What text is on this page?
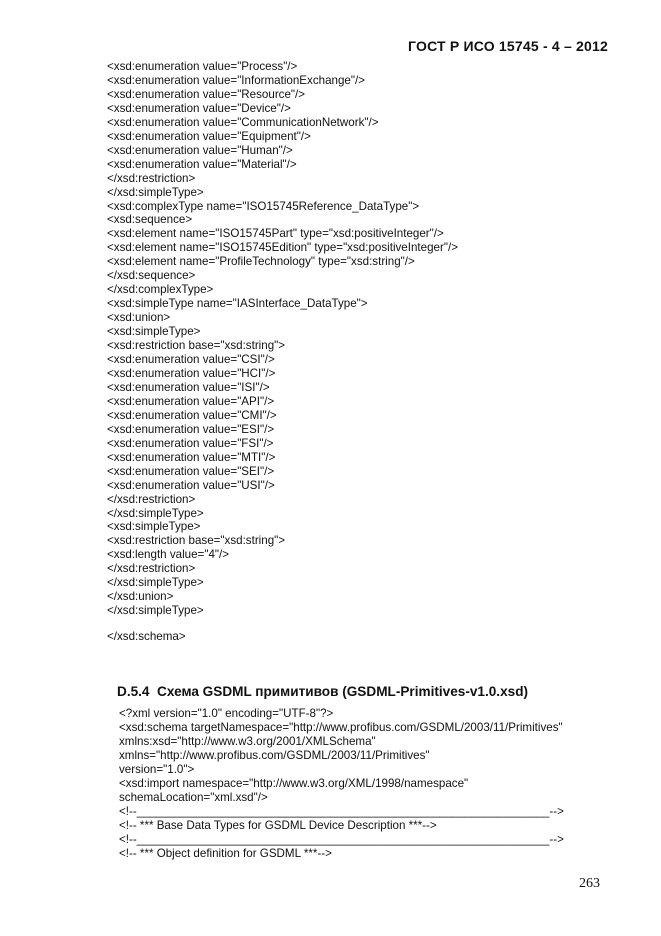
ГОСТ Р ИСО 15745 - 4 – 2012
<xsd:enumeration value="Process"/>
<xsd:enumeration value="InformationExchange"/>
<xsd:enumeration value="Resource"/>
<xsd:enumeration value="Device"/>
<xsd:enumeration value="CommunicationNetwork"/>
<xsd:enumeration value="Equipment"/>
<xsd:enumeration value="Human"/>
<xsd:enumeration value="Material"/>
</xsd:restriction>
</xsd:simpleType>
<xsd:complexType name="ISO15745Reference_DataType">
<xsd:sequence>
<xsd:element name="ISO15745Part" type="xsd:positiveInteger"/>
<xsd:element name="ISO15745Edition" type="xsd:positiveInteger"/>
<xsd:element name="ProfileTechnology" type="xsd:string"/>
</xsd:sequence>
</xsd:complexType>
<xsd:simpleType name="IASInterface_DataType">
<xsd:union>
<xsd:simpleType>
<xsd:restriction base="xsd:string">
<xsd:enumeration value="CSI"/>
<xsd:enumeration value="HCI"/>
<xsd:enumeration value="ISI"/>
<xsd:enumeration value="API"/>
<xsd:enumeration value="CMI"/>
<xsd:enumeration value="ESI"/>
<xsd:enumeration value="FSI"/>
<xsd:enumeration value="MTI"/>
<xsd:enumeration value="SEI"/>
<xsd:enumeration value="USI"/>
</xsd:restriction>
</xsd:simpleType>
<xsd:simpleType>
<xsd:restriction base="xsd:string">
<xsd:length value="4"/>
</xsd:restriction>
</xsd:simpleType>
</xsd:union>
</xsd:simpleType>
</xsd:schema>
D.5.4  Схема GSDML примитивов (GSDML-Primitives-v1.0.xsd)
<?xml version="1.0" encoding="UTF-8"?>
<xsd:schema targetNamespace="http://www.profibus.com/GSDML/2003/11/Primitives"
xmlns:xsd="http://www.w3.org/2001/XMLSchema"
xmlns="http://www.profibus.com/GSDML/2003/11/Primitives"
version="1.0">
<xsd:import namespace="http://www.w3.org/XML/1998/namespace"
schemaLocation="xml.xsd"/>
<!--________________________________________________________________-->
<!-- *** Base Data Types for GSDML Device Description ***-->
<!--________________________________________________________________-->
<!-- *** Object definition for GSDML ***-->
263
